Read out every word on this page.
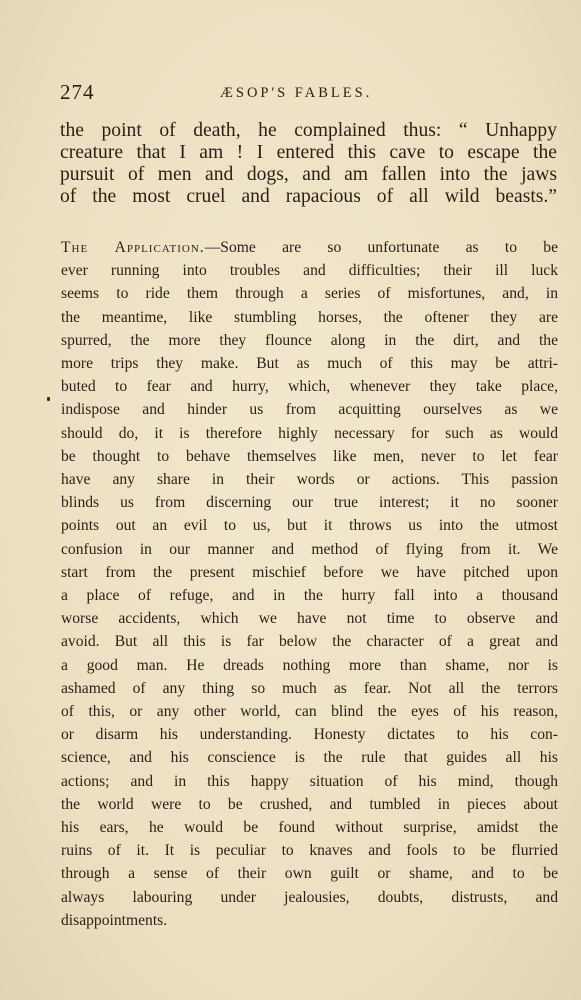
274	ÆSOP'S FABLES.
the point of death, he complained thus: “ Unhappy
creature that I am ! I entered this cave to escape the
pursuit of men and dogs, and am fallen into the jaws
of the most cruel and rapacious of all wild beasts.”
The Application.—Some are so unfortunate as to be
ever running into troubles and difficulties; their ill luck
seems to ride them through a series of misfortunes, and, in
the meantime, like stumbling horses, the oftener they are
spurred, the more they flounce along in the dirt, and the
more trips they make. But as much of this may be attri-
buted to fear and hurry, which, whenever they take place,
indispose and hinder us from acquitting ourselves as we
should do, it is therefore highly necessary for such as would
be thought to behave themselves like men, never to let fear
have any share in their words or actions. This passion
blinds us from discerning our true interest; it no sooner
points out an evil to us, but it throws us into the utmost
confusion in our manner and method of flying from it. We
start from the present mischief before we have pitched upon
a place of refuge, and in the hurry fall into a thousand
worse accidents, which we have not time to observe and
avoid. But all this is far below the character of a great and
a good man. He dreads nothing more than shame, nor is
ashamed of any thing so much as fear. Not all the terrors
of this, or any other world, can blind the eyes of his reason,
or disarm his understanding. Honesty dictates to his con-
science, and his conscience is the rule that guides all his
actions; and in this happy situation of his mind, though
the world were to be crushed, and tumbled in pieces about
his ears, he would be found without surprise, amidst the
ruins of it. It is peculiar to knaves and fools to be flurried
through a sense of their own guilt or shame, and to be
always labouring under jealousies, doubts, distrusts, and
disappointments.
